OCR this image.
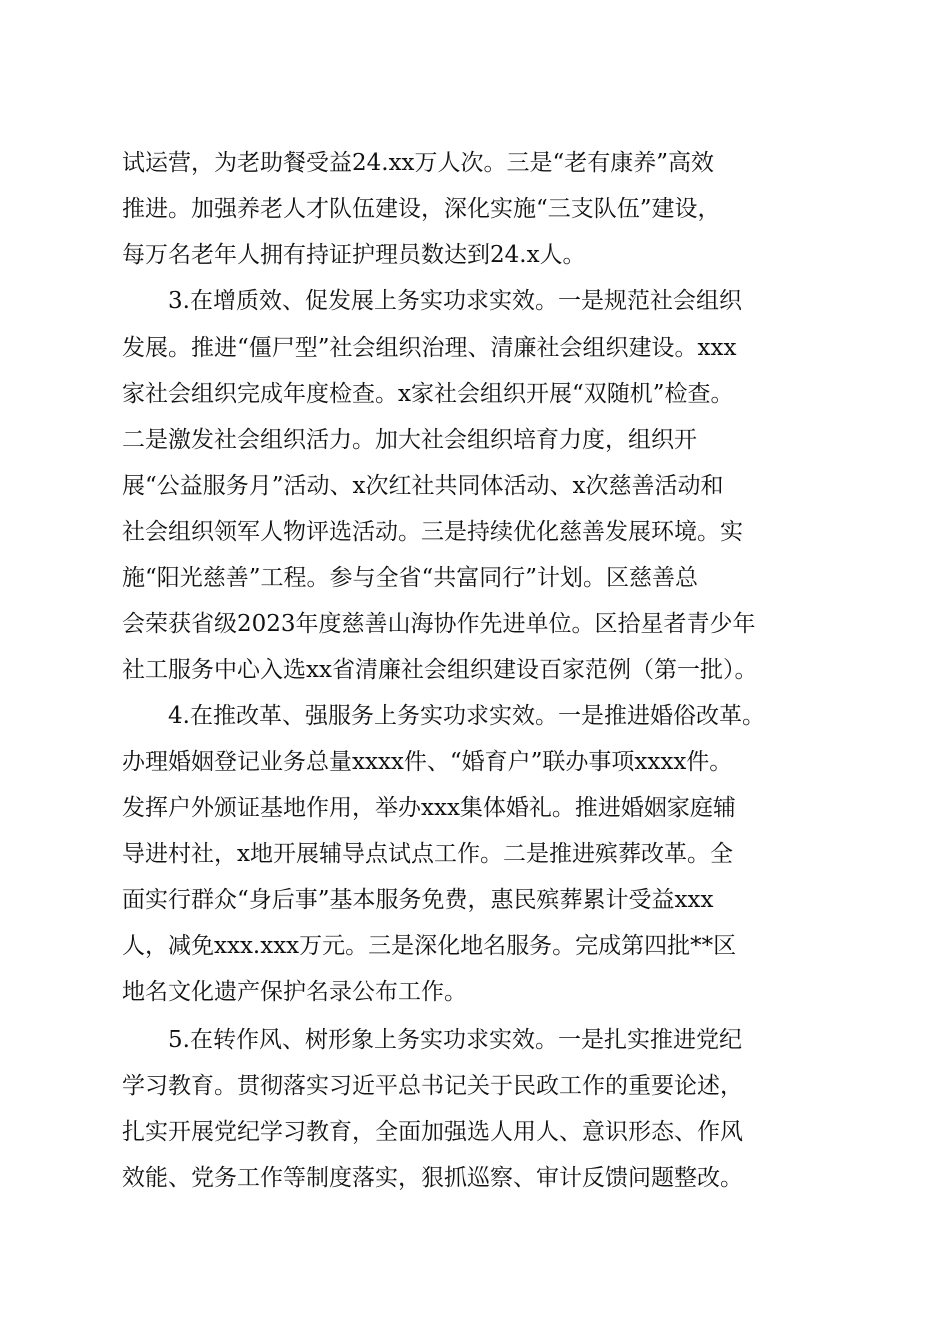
试运营，为老助餐受益24.xx万人次。三是“老有康养”高效
推进。加强养老人才队伍建设，深化实施“三支队伍”建设，
每万名老年人拥有持证护理员数达到24.x人。
3.在增质效、促发展上务实功求实效。一是规范社会组织
发展。推进“僵尸型”社会组织治理、清廉社会组织建设。xxx
家社会组织完成年度检查。x家社会组织开展“双随机”检查。
二是激发社会组织活力。加大社会组织培育力度，组织开
展“公益服务月”活动、x次红社共同体活动、x次慈善活动和
社会组织领军人物评选活动。三是持续优化慈善发展环境。实
施“阳光慈善”工程。参与全省“共富同行”计划。区慈善总
会荣获省级2023年度慈善山海协作先进单位。区拾星者青少年
社工服务中心入选xx省清廉社会组织建设百家范例（第一批）。
4.在推改革、强服务上务实功求实效。一是推进婚俗改革。
办理婚姻登记业务总量xxxx件、“婚育户”联办事项xxxx件。
发挥户外颁证基地作用，举办xxx集体婚礼。推进婚姻家庭辅
导进村社，x地开展辅导点试点工作。二是推进殡葬改革。全
面实行群众“身后事”基本服务免费，惠民殡葬累计受益xxx
人，减免xxx.xxx万元。三是深化地名服务。完成第四批**区
地名文化遗产保护名录公布工作。
5.在转作风、树形象上务实功求实效。一是扎实推进党纪
学习教育。贯彻落实习近平总书记关于民政工作的重要论述，
扎实开展党纪学习教育，全面加强选人用人、意识形态、作风
效能、党务工作等制度落实，狠抓巡察、审计反馈问题整改。
